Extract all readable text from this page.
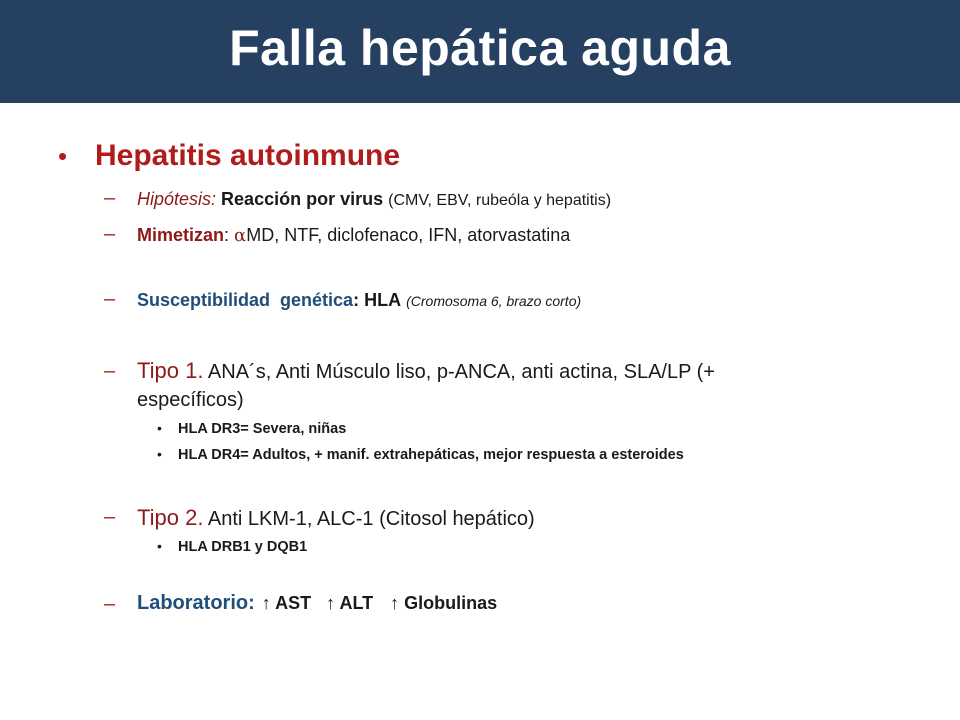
Falla hepática aguda
• Hepatitis autoinmune
– Hipótesis: Reacción por virus (CMV, EBV, rubeóla y hepatitis)
– Mimetizan: αMD, NTF, diclofenaco, IFN, atorvastatina
– Susceptibilidad  genética: HLA (Cromosoma 6, brazo corto)
– Tipo 1. ANA´s, Anti Músculo liso, p-ANCA, anti actina, SLA/LP (+
específicos)
• HLA DR3= Severa, niñas
• HLA DR4= Adultos, + manif. extrahepáticas, mejor respuesta a esteroides
– Tipo 2. Anti LKM-1, ALC-1 (Citosol hepático)
• HLA DRB1 y DQB1
– Laboratorio: ↑ AST ↑ ALT ↑ Globulinas
